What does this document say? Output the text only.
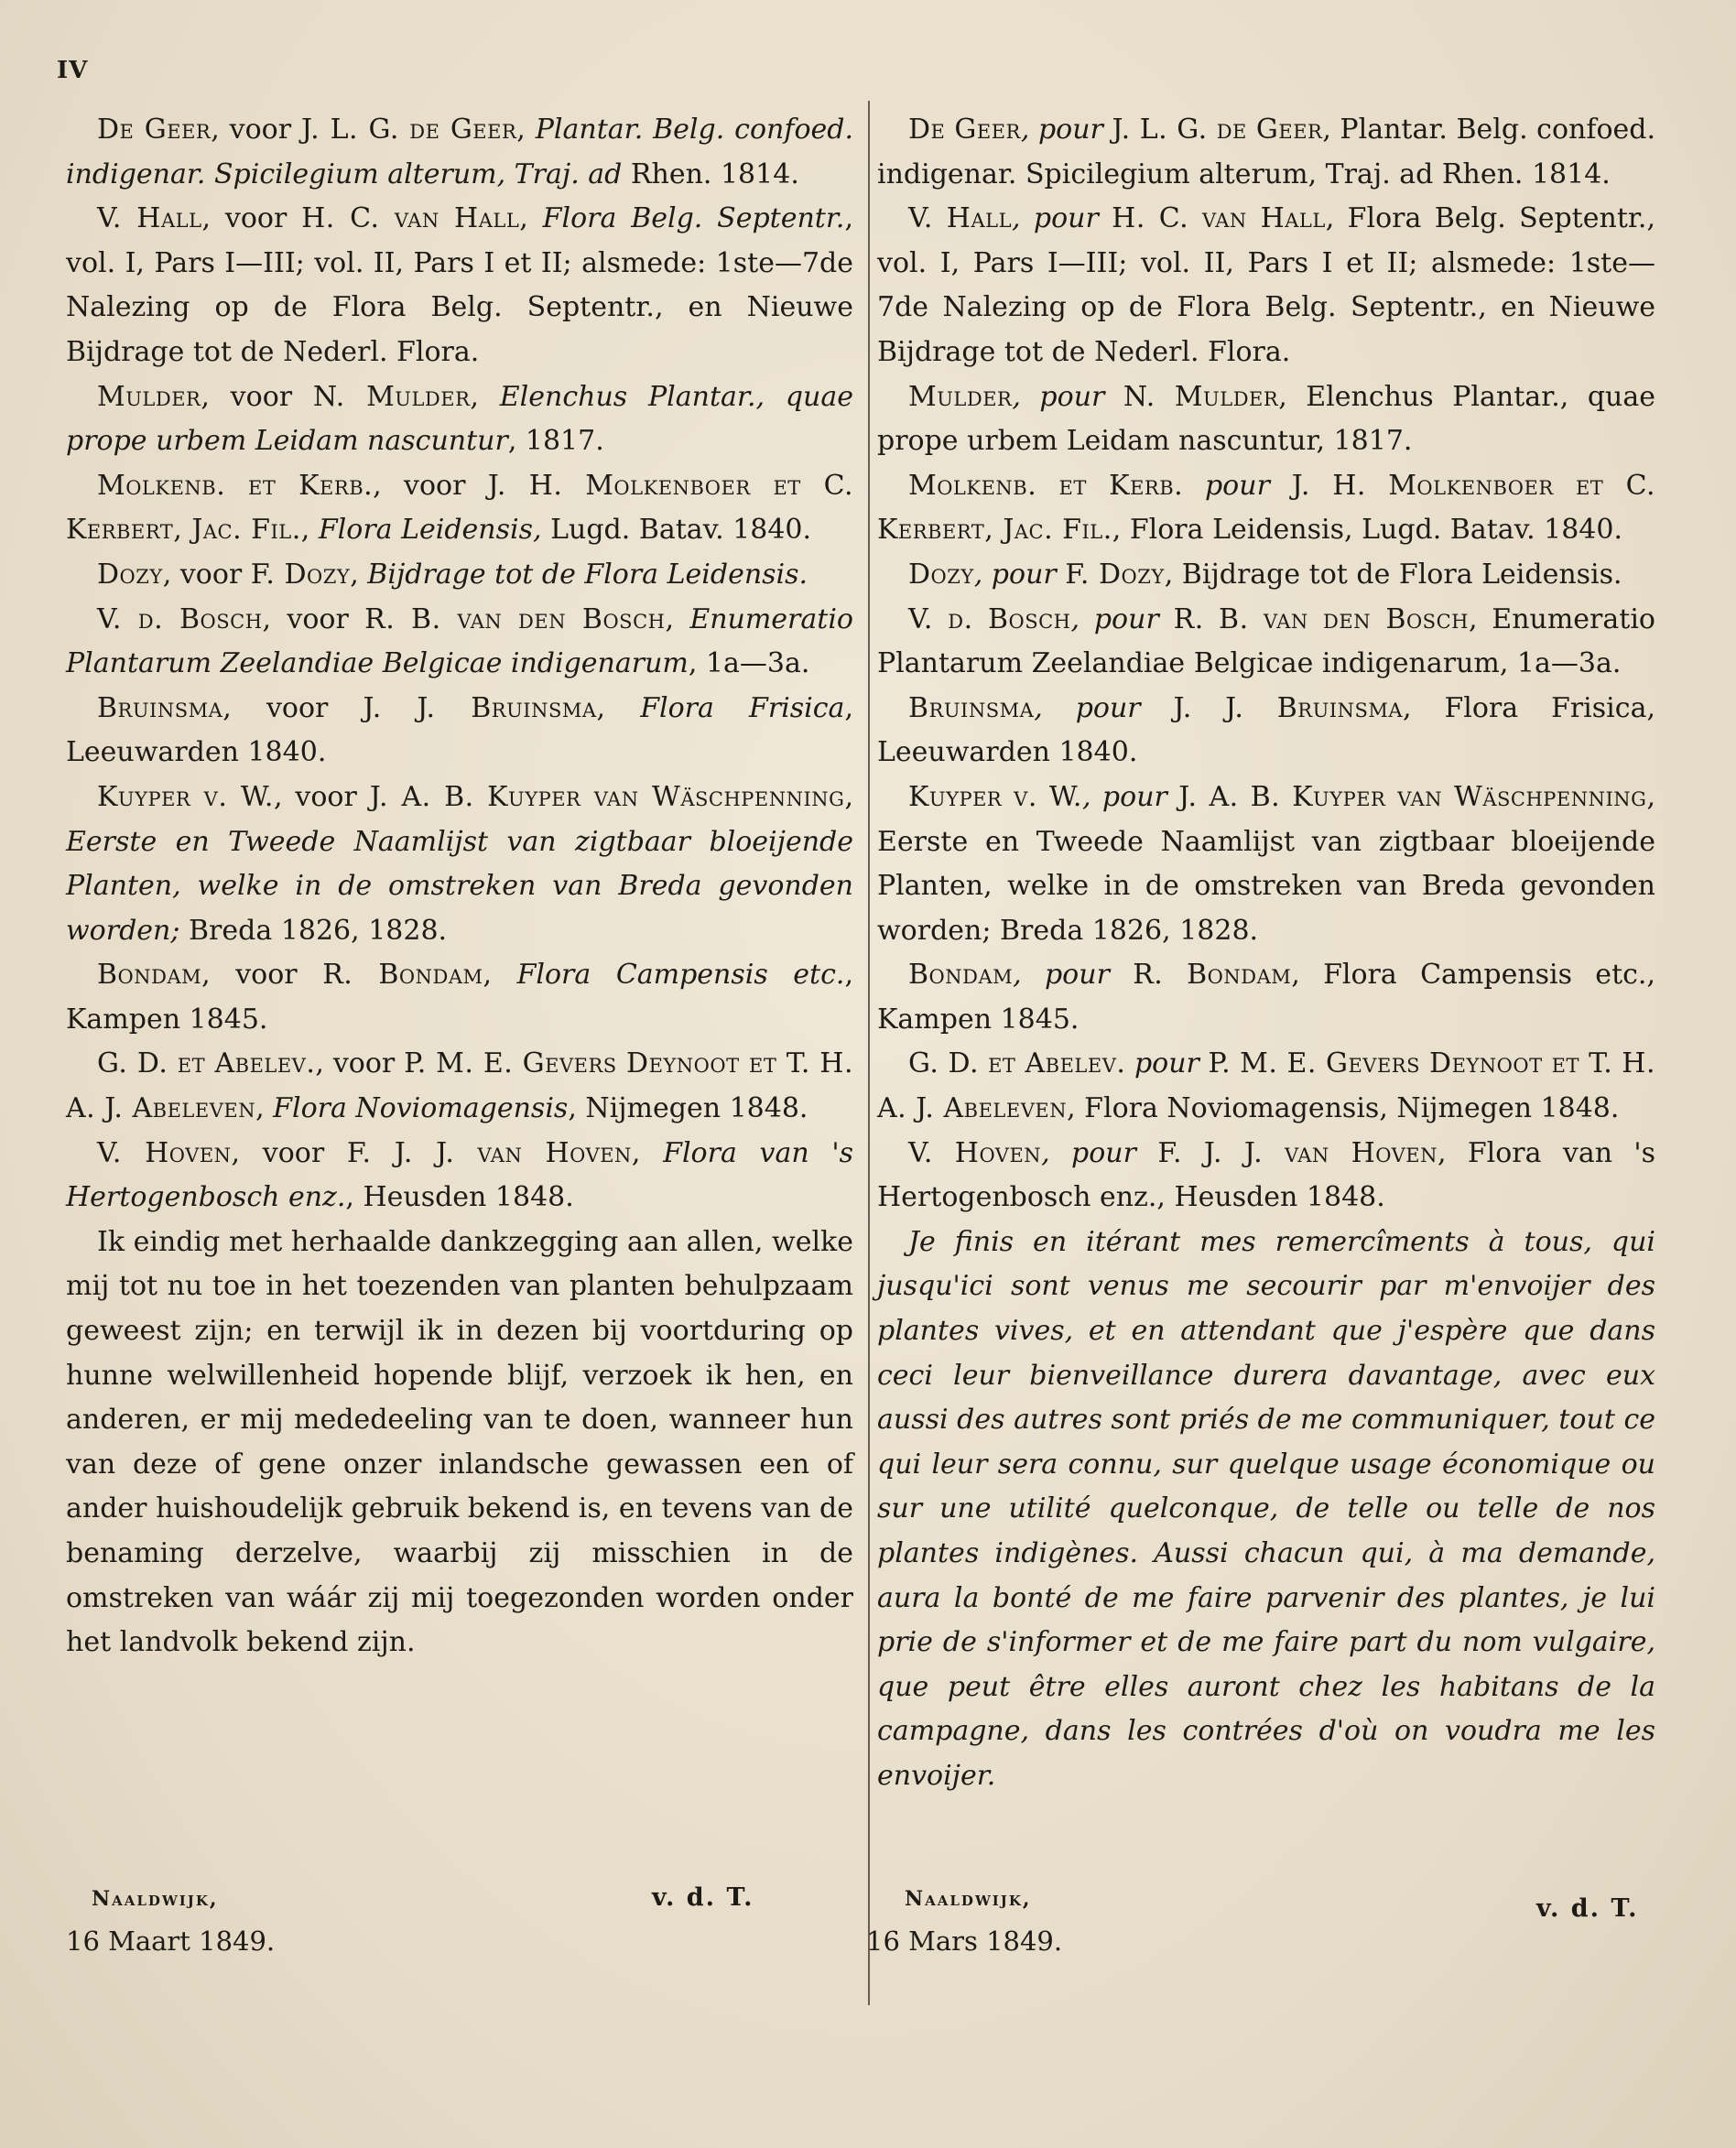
IV

De Geer, voor J. L. G. de Geer, Plantar. Belg. confoed. indigenar. Spicilegium alterum, Traj. ad Rhen. 1814.

V. Hall, voor H. C. van Hall, Flora Belg. Septentr., vol. I, Pars I—III; vol. II, Pars I et II; alsmede: 1ste—7de Nalezing op de Flora Belg. Septentr., en Nieuwe Bijdrage tot de Nederl. Flora.

Mulder, voor N. Mulder, Elenchus Plantar., quae prope urbem Leidam nascuntur, 1817.

Molkenb. et Kerb., voor J. H. Molkenboer et C. Kerbert, Jac. Fil., Flora Leidensis, Lugd. Batav. 1840.

Dozy, voor F. Dozy, Bijdrage tot de Flora Leidensis.

V. d. Bosch, voor R. B. van den Bosch, Enumeratio Plantarum Zeelandiae Belgicae indigenarum, 1a—3a.

Bruinsma, voor J. J. Bruinsma, Flora Frisica, Leeuwarden 1840.

Kuyper v. W., voor J. A. B. Kuyper van Wäschpenning, Eerste en Tweede Naamlijst van zigtbaar bloeijende Planten, welke in de omstreken van Breda gevonden worden; Breda 1826, 1828.

Bondam, voor R. Bondam, Flora Campensis etc., Kampen 1845.

G. D. et Abelev., voor P. M. E. Gevers Deynoot et T. H. A. J. Abeleven, Flora Noviomagensis, Nijmegen 1848.

V. Hoven, voor F. J. J. van Hoven, Flora van 's Hertogenbosch enz., Heusden 1848.

Ik eindig met herhaalde dankzegging aan allen, welke mij tot nu toe in het toezenden van planten behulpzaam geweest zijn; en terwijl ik in dezen bij voortduring op hunne welwillenheid hopende blijf, verzoek ik hen, en anderen, er mij mededeeling van te doen, wanneer hun van deze of gene onzer inlandsche gewassen een of ander huishoudelijk gebruik bekend is, en tevens van de benaming derzelve, waarbij zij misschien in de omstreken van wáár zij mij toegezonden worden onder het landvolk bekend zijn.

De Geer, pour J. L. G. de Geer, Plantar. Belg. confoed. indigenar. Spicilegium alterum, Traj. ad Rhen. 1814.

V. Hall, pour H. C. van Hall, Flora Belg. Septentr., vol. I, Pars I—III; vol. II, Pars I et II; alsmede: 1ste—7de Nalezing op de Flora Belg. Septentr., en Nieuwe Bijdrage tot de Nederl. Flora.

Mulder, pour N. Mulder, Elenchus Plantar., quae prope urbem Leidam nascuntur, 1817.

Molkenb. et Kerb. pour J. H. Molkenboer et C. Kerbert, Jac. Fil., Flora Leidensis, Lugd. Batav. 1840.

Dozy, pour F. Dozy, Bijdrage tot de Flora Leidensis.

V. d. Bosch, pour R. B. van den Bosch, Enumeratio Plantarum Zeelandiae Belgicae indigenarum, 1a—3a.

Bruinsma, pour J. J. Bruinsma, Flora Frisica, Leeuwarden 1840.

Kuyper v. W., pour J. A. B. Kuyper van Wäschpenning, Eerste en Tweede Naamlijst van zigtbaar bloeijende Planten, welke in de omstreken van Breda gevonden worden; Breda 1826, 1828.

Bondam, pour R. Bondam, Flora Campensis etc., Kampen 1845.

G. D. et Abelev. pour P. M. E. Gevers Deynoot et T. H. A. J. Abeleven, Flora Noviomagensis, Nijmegen 1848.

V. Hoven, pour F. J. J. van Hoven, Flora van 's Hertogenbosch enz., Heusden 1848.

Je finis en itérant mes remercîments à tous, qui jusqu'ici sont venus me secourir par m'envoijer des plantes vives, et en attendant que j'espère que dans ceci leur bienveillance durera davantage, avec eux aussi des autres sont priés de me communiquer, tout ce qui leur sera connu, sur quelque usage économique ou sur une utilité quelconque, de telle ou telle de nos plantes indigènes. Aussi chacun qui, à ma demande, aura la bonté de me faire parvenir des plantes, je lui prie de s'informer et de me faire part du nom vulgaire, que peut être elles auront chez les habitans de la campagne, dans les contrées d'où on voudra me les envoijer.

Naaldwijk,	v. d. T.
16 Maart 1849.
Naaldwijk,	v. d. T.
16 Mars 1849.
